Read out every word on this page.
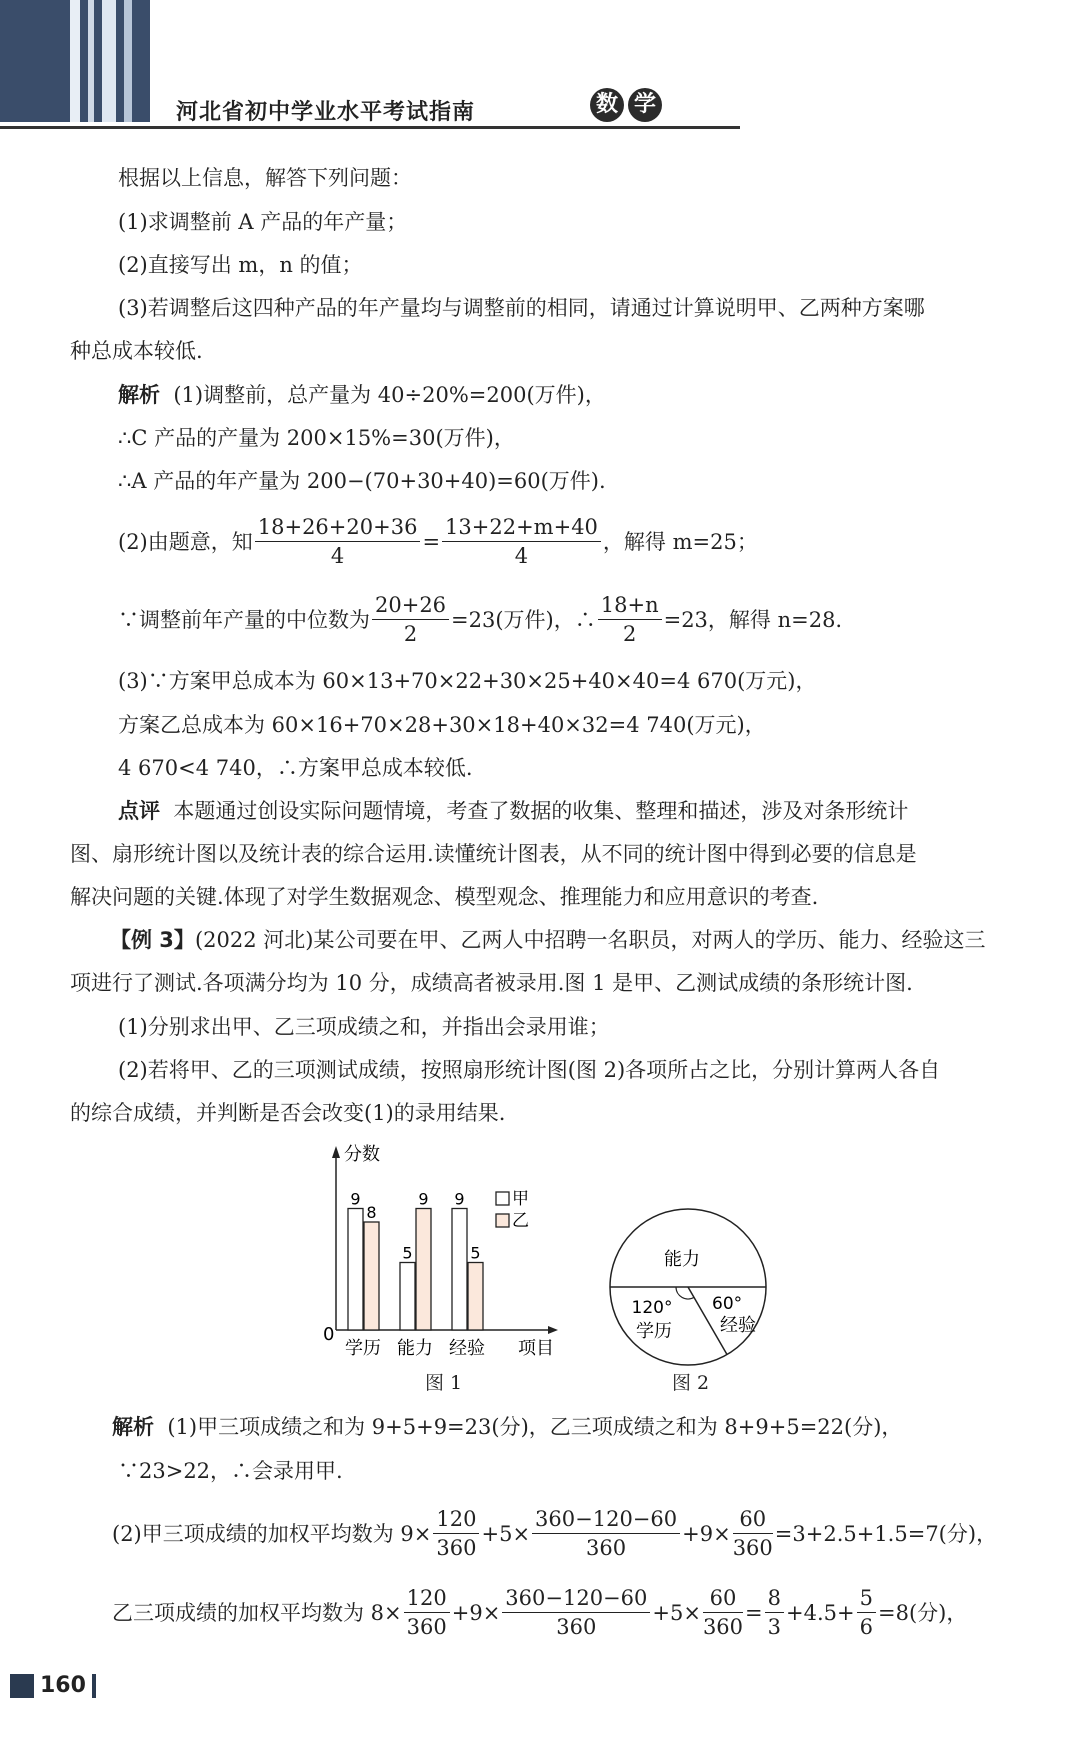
河北省初中学业水平考试指南	数 学
根据以上信息，解答下列问题：
(1)求调整前 A 产品的年产量；
(2)直接写出 m，n 的值；
(3)若调整后这四种产品的年产量均与调整前的相同，请通过计算说明甲、乙两种方案哪
种总成本较低.
解析 (1)调整前，总产量为 40÷20%=200(万件)，
∴C 产品的产量为 200×15%=30(万件)，
∴A 产品的年产量为 200−(70+30+40)=60(万件).
(2)由题意，知 $\frac{18+26+20+36}{4} = \frac{13+22+m+40}{4}$ ，解得 m=25；
∵调整前年产量的中位数为 $\frac{20+26}{2} =23$(万件)，∴ $\frac{18+n}{2} =23$，解得 n=28.
(3)∵方案甲总成本为 60×13+70×22+30×25+40×40=4 670(万元)，
方案乙总成本为 60×16+70×28+30×18+40×32=4 740(万元)，
4 670<4 740，∴方案甲总成本较低.
点评 本题通过创设实际问题情境，考查了数据的收集、整理和描述，涉及对条形统计
图、扇形统计图以及统计表的综合运用.读懂统计图表，从不同的统计图中得到必要的信息是
解决问题的关键.体现了对学生数据观念、模型观念、推理能力和应用意识的考查.
【例 3】(2022 河北)某公司要在甲、乙两人中招聘一名职员，对两人的学历、能力、经验这三
项进行了测试.各项满分均为 10 分，成绩高者被录用.图 1 是甲、乙测试成绩的条形统计图.
(1)分别求出甲、乙三项成绩之和，并指出会录用谁；
(2)若将甲、乙的三项测试成绩，按照扇形统计图(图 2)各项所占之比，分别计算两人各自
的综合成绩，并判断是否会改变(1)的录用结果.
分数
0
项目
9
8
学历
5
9
能力
9
5
经验
甲
乙
图 1
能力
120°
学历
60°
经验
图 2
解析 (1)甲三项成绩之和为 9+5+9=23(分)，乙三项成绩之和为 8+9+5=22(分)，
∵23>22，∴会录用甲.
(2)甲三项成绩的加权平均数为 $9\times \frac{120}{360} +5\times \frac{360-120-60}{360} +9\times \frac{60}{360} =3+2.5+1.5=7$(分)，
乙三项成绩的加权平均数为 $8\times \frac{120}{360} +9\times \frac{360-120-60}{360} +5\times \frac{60}{360} = \frac{8}{3} +4.5+ \frac{5}{6} =8$(分)，
160
